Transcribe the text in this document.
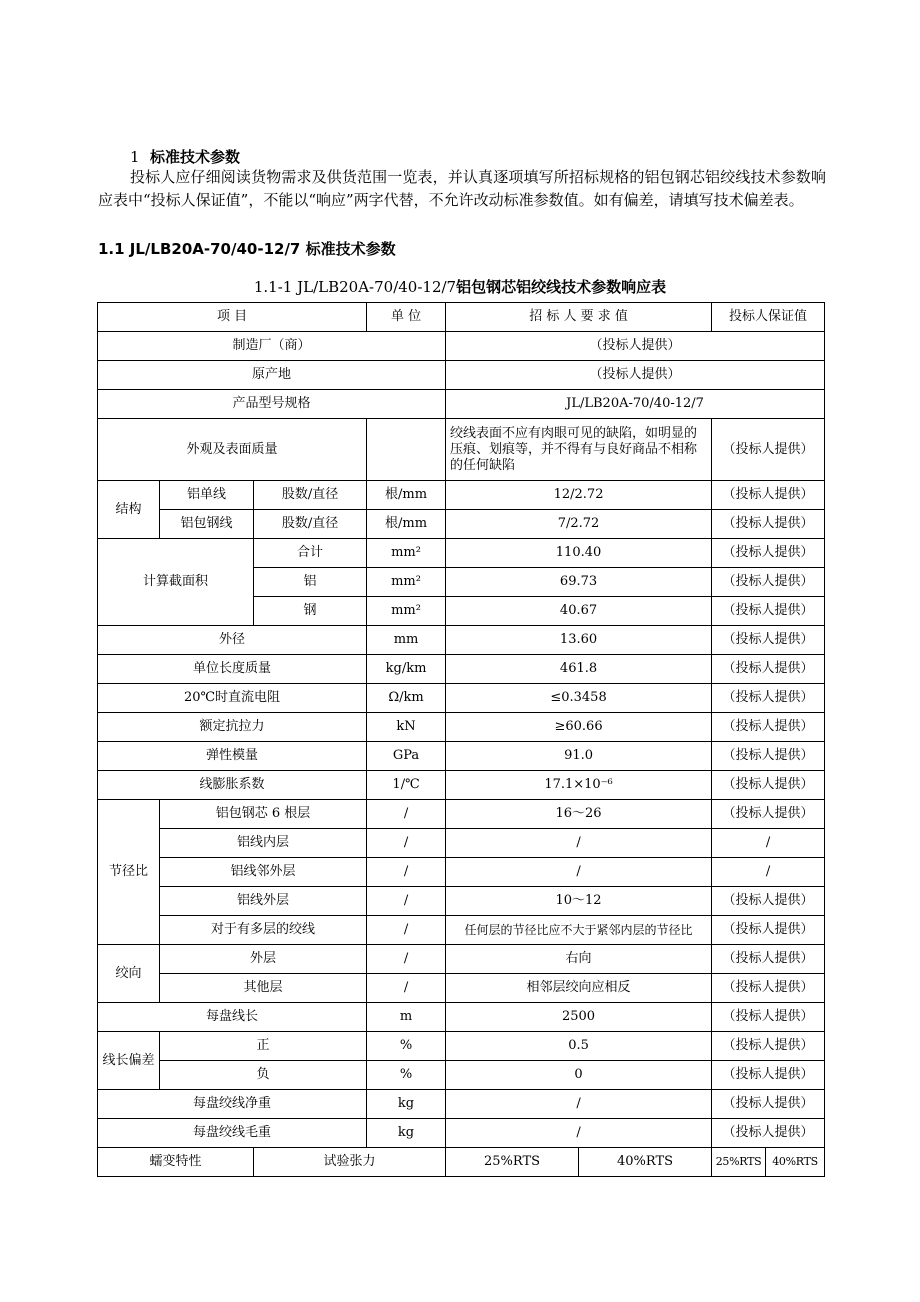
1 标准技术参数
投标人应仔细阅读货物需求及供货范围一览表，并认真逐项填写所招标规格的铝包钢芯铝绞线技术参数响应表中“投标人保证值”，不能以“响应”两字代替，不允许改动标准参数值。如有偏差，请填写技术偏差表。
1.1 JL/LB20A-70/40-12/7 标准技术参数
1.1-1 JL/LB20A-70/40-12/7铝包钢芯铝绞线技术参数响应表
项 目			单 位	招 标 人 要 求 值		投标人保证值	
制造厂（商）				（投标人提供）			
原产地				（投标人提供）			
产品型号规格				JL/LB20A-70/40-12/7			
外观及表面质量				绞线表面不应有肉眼可见的缺陷，如明显的压痕、划痕等，并不得有与良好商品不相称的任何缺陷		（投标人提供）	
结构	铝单线	股数/直径	根/mm	12/2.72		（投标人提供）	
	铝包钢线	股数/直径	根/mm	7/2.72		（投标人提供）	
计算截面积		合计	mm²	110.40		（投标人提供）	
		铝	mm²	69.73		（投标人提供）	
		钢	mm²	40.67		（投标人提供）	
外径			mm	13.60		（投标人提供）	
单位长度质量			kg/km	461.8		（投标人提供）	
20℃时直流电阻			Ω/km	≤0.3458		（投标人提供）	
额定抗拉力			kN	≥60.66		（投标人提供）	
弹性模量			GPa	91.0		（投标人提供）	
线膨胀系数			1/℃	17.1×10⁻⁶		（投标人提供）	
节径比	铝包钢芯 6 根层		/	16～26		（投标人提供）	
	铝线内层		/	/		/	
	铝线邻外层		/	/		/	
	铝线外层		/	10～12		（投标人提供）	
	对于有多层的绞线		/	任何层的节径比应不大于紧邻内层的节径比		（投标人提供）	
绞向	外层		/	右向		（投标人提供）	
	其他层		/	相邻层绞向应相反		（投标人提供）	
每盘线长			m	2500		（投标人提供）	
线长偏差	正		%	0.5		（投标人提供）	
	负		%	0		（投标人提供）	
每盘绞线净重			kg	/		（投标人提供）	
每盘绞线毛重			kg	/		（投标人提供）	
蠕变特性		试验张力		25%RTS	40%RTS	25%RTS	40%RTS
